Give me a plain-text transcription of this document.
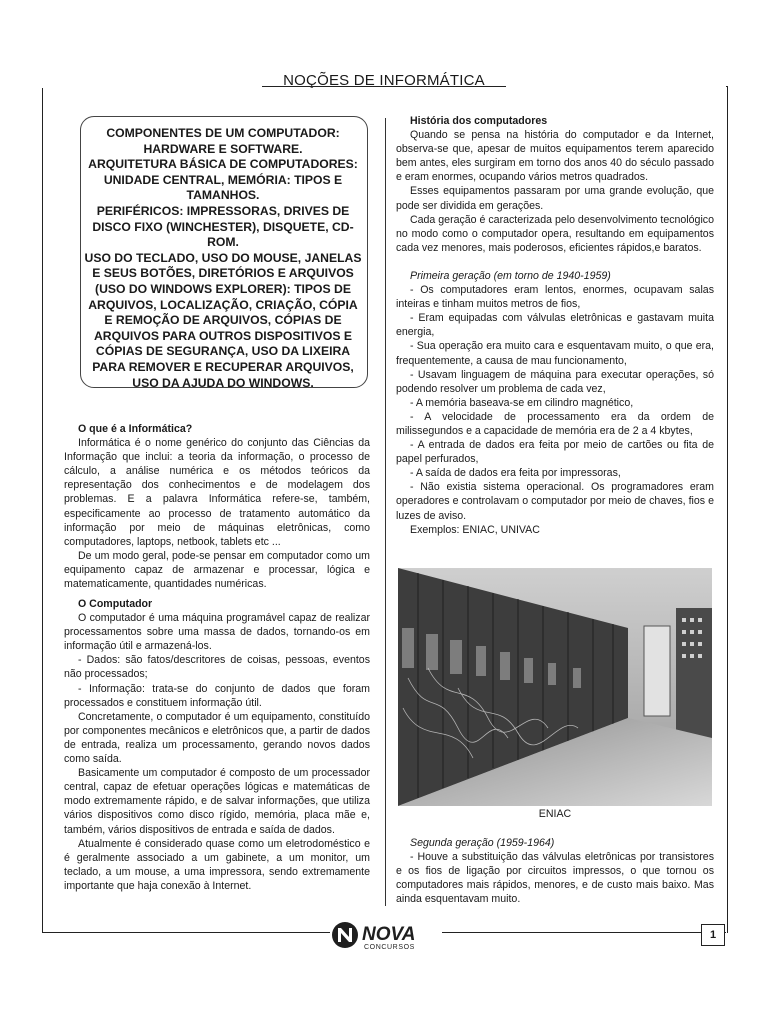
NOÇÕES DE INFORMÁTICA
COMPONENTES DE UM COMPUTADOR:
HARDWARE E SOFTWARE.
ARQUITETURA BÁSICA DE COMPUTADORES:
UNIDADE CENTRAL, MEMÓRIA: TIPOS E
TAMANHOS.
PERIFÉRICOS: IMPRESSORAS, DRIVES DE
DISCO FIXO (WINCHESTER), DISQUETE, CD-
ROM.
USO DO TECLADO, USO DO MOUSE, JANELAS
E SEUS BOTÕES, DIRETÓRIOS E ARQUIVOS
(USO DO WINDOWS EXPLORER): TIPOS DE
ARQUIVOS, LOCALIZAÇÃO, CRIAÇÃO, CÓPIA
E REMOÇÃO DE ARQUIVOS, CÓPIAS DE
ARQUIVOS PARA OUTROS DISPOSITIVOS E
CÓPIAS DE SEGURANÇA, USO DA LIXEIRA
PARA REMOVER E RECUPERAR ARQUIVOS,
USO DA AJUDA DO WINDOWS.

O que é a Informática?

Informática é o nome genérico do conjunto das Ciências da Informação que inclui: a teoria da informação, o processo de cálculo, a análise numérica e os métodos teóricos da representação dos conhecimentos e de modelagem dos problemas. E a palavra Informática refere-se, também, especificamente ao processo de tratamento automático da informação por meio de máquinas eletrônicas, como computadores, laptops, netbook, tablets etc ...

De um modo geral, pode-se pensar em computador como um equipamento capaz de armazenar e processar, lógica e matematicamente, quantidades numéricas.

O Computador

O computador é uma máquina programável capaz de realizar processamentos sobre uma massa de dados, tornando-os em informação útil e armazená-los.

- Dados: são fatos/descritores de coisas, pessoas, eventos não processados;

- Informação: trata-se do conjunto de dados que foram processados e constituem informação útil.

Concretamente, o computador é um equipamento, constituído por componentes mecânicos e eletrônicos que, a partir de dados de entrada, realiza um processamento, gerando novos dados como saída.

Basicamente um computador é composto de um processador central, capaz de efetuar operações lógicas e matemáticas de modo extremamente rápido, e de salvar informações, que utiliza vários dispositivos como disco rígido, memória, placa mãe e, também, vários dispositivos de entrada e saída de dados.

Atualmente é considerado quase como um eletrodoméstico e é geralmente associado a um gabinete, a um monitor, um teclado, a um mouse, a uma impressora, sendo extremamente importante que haja conexão à Internet.

História dos computadores

Quando se pensa na história do computador e da Internet, observa-se que, apesar de muitos equipamentos terem aparecido bem antes, eles surgiram em torno dos anos 40 do século passado e eram enormes, ocupando vários metros quadrados.

Esses equipamentos passaram por uma grande evolução, que pode ser dividida em gerações.

Cada geração é caracterizada pelo desenvolvimento tecnológico no modo como o computador opera, resultando em equipamentos cada vez menores, mais poderosos, eficientes rápidos,e baratos.

Primeira geração (em torno de 1940-1959)

- Os computadores eram lentos, enormes, ocupavam salas inteiras e tinham muitos metros de fios,

- Eram equipadas com válvulas eletrônicas e gastavam muita energia,

- Sua operação era muito cara e esquentavam muito, o que era, frequentemente, a causa de mau funcionamento,

- Usavam linguagem de máquina para executar operações, só podendo resolver um problema de cada vez,

- A memória baseava-se em cilindro magnético,

- A velocidade de processamento era da ordem de milissegundos e a capacidade de memória era de 2 a 4 kbytes,

- A entrada de dados era feita por meio de cartões ou fita de papel perfurados,

- A saída de dados era feita por impressoras,

- Não existia sistema operacional. Os programadores eram operadores e controlavam o computador por meio de chaves, fios e luzes de aviso.

Exemplos: ENIAC, UNIVAC

ENIAC

Segunda geração (1959-1964)

- Houve a substituição das válvulas eletrônicas por transistores e os fios de ligação por circuitos impressos, o que tornou os computadores mais rápidos, menores, e de custo mais baixo. Mas ainda esquentavam muito.

NOVA
CONCURSOS
1
